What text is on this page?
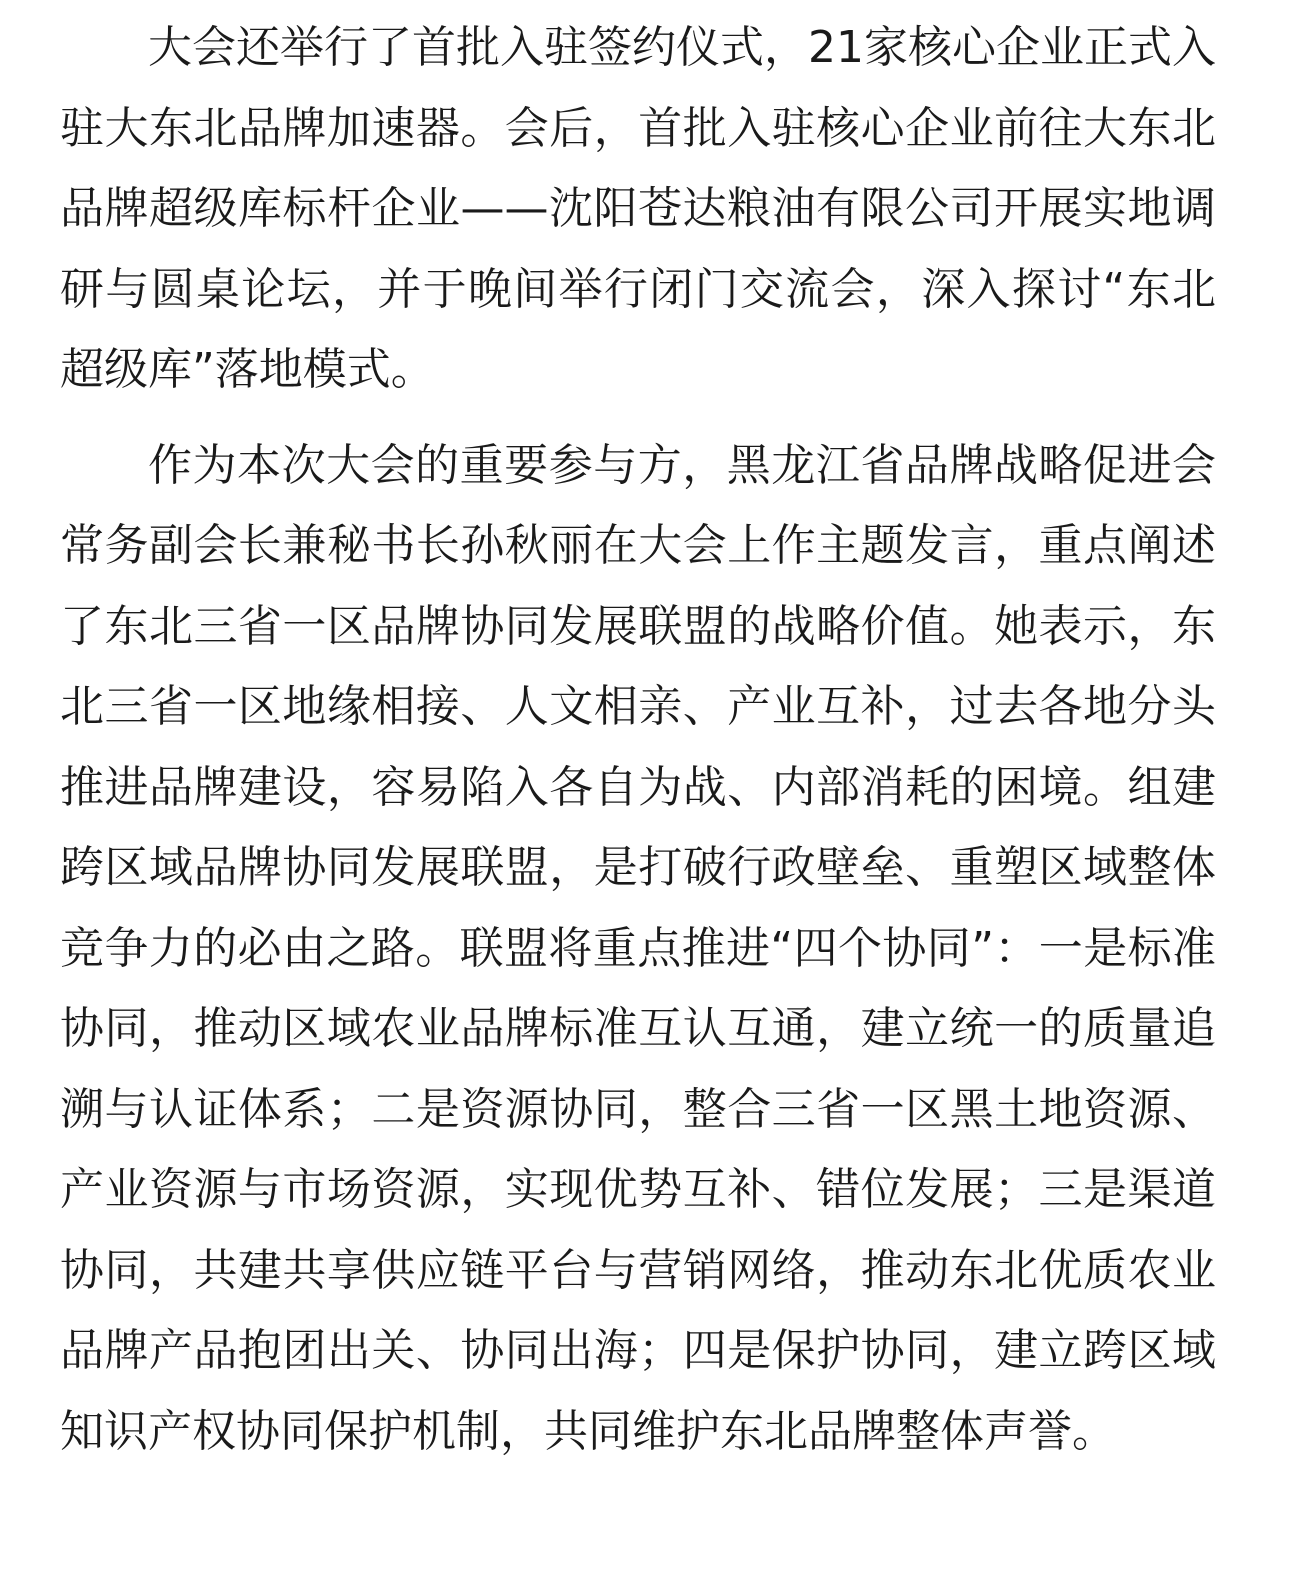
大会还举行了首批入驻签约仪式，21家核心企业正式入驻大东北品牌加速器。会后，首批入驻核心企业前往大东北品牌超级库标杆企业——沈阳苍达粮油有限公司开展实地调研与圆桌论坛，并于晚间举行闭门交流会，深入探讨“东北超级库”落地模式。

作为本次大会的重要参与方，黑龙江省品牌战略促进会常务副会长兼秘书长孙秋丽在大会上作主题发言，重点阐述了东北三省一区品牌协同发展联盟的战略价值。她表示，东北三省一区地缘相接、人文相亲、产业互补，过去各地分头推进品牌建设，容易陷入各自为战、内部消耗的困境。组建跨区域品牌协同发展联盟，是打破行政壁垒、重塑区域整体竞争力的必由之路。联盟将重点推进“四个协同”：一是标准协同，推动区域农业品牌标准互认互通，建立统一的质量追溯与认证体系；二是资源协同，整合三省一区黑土地资源、产业资源与市场资源，实现优势互补、错位发展；三是渠道协同，共建共享供应链平台与营销网络，推动东北优质农业品牌产品抱团出关、协同出海；四是保护协同，建立跨区域知识产权协同保护机制，共同维护东北品牌整体声誉。
